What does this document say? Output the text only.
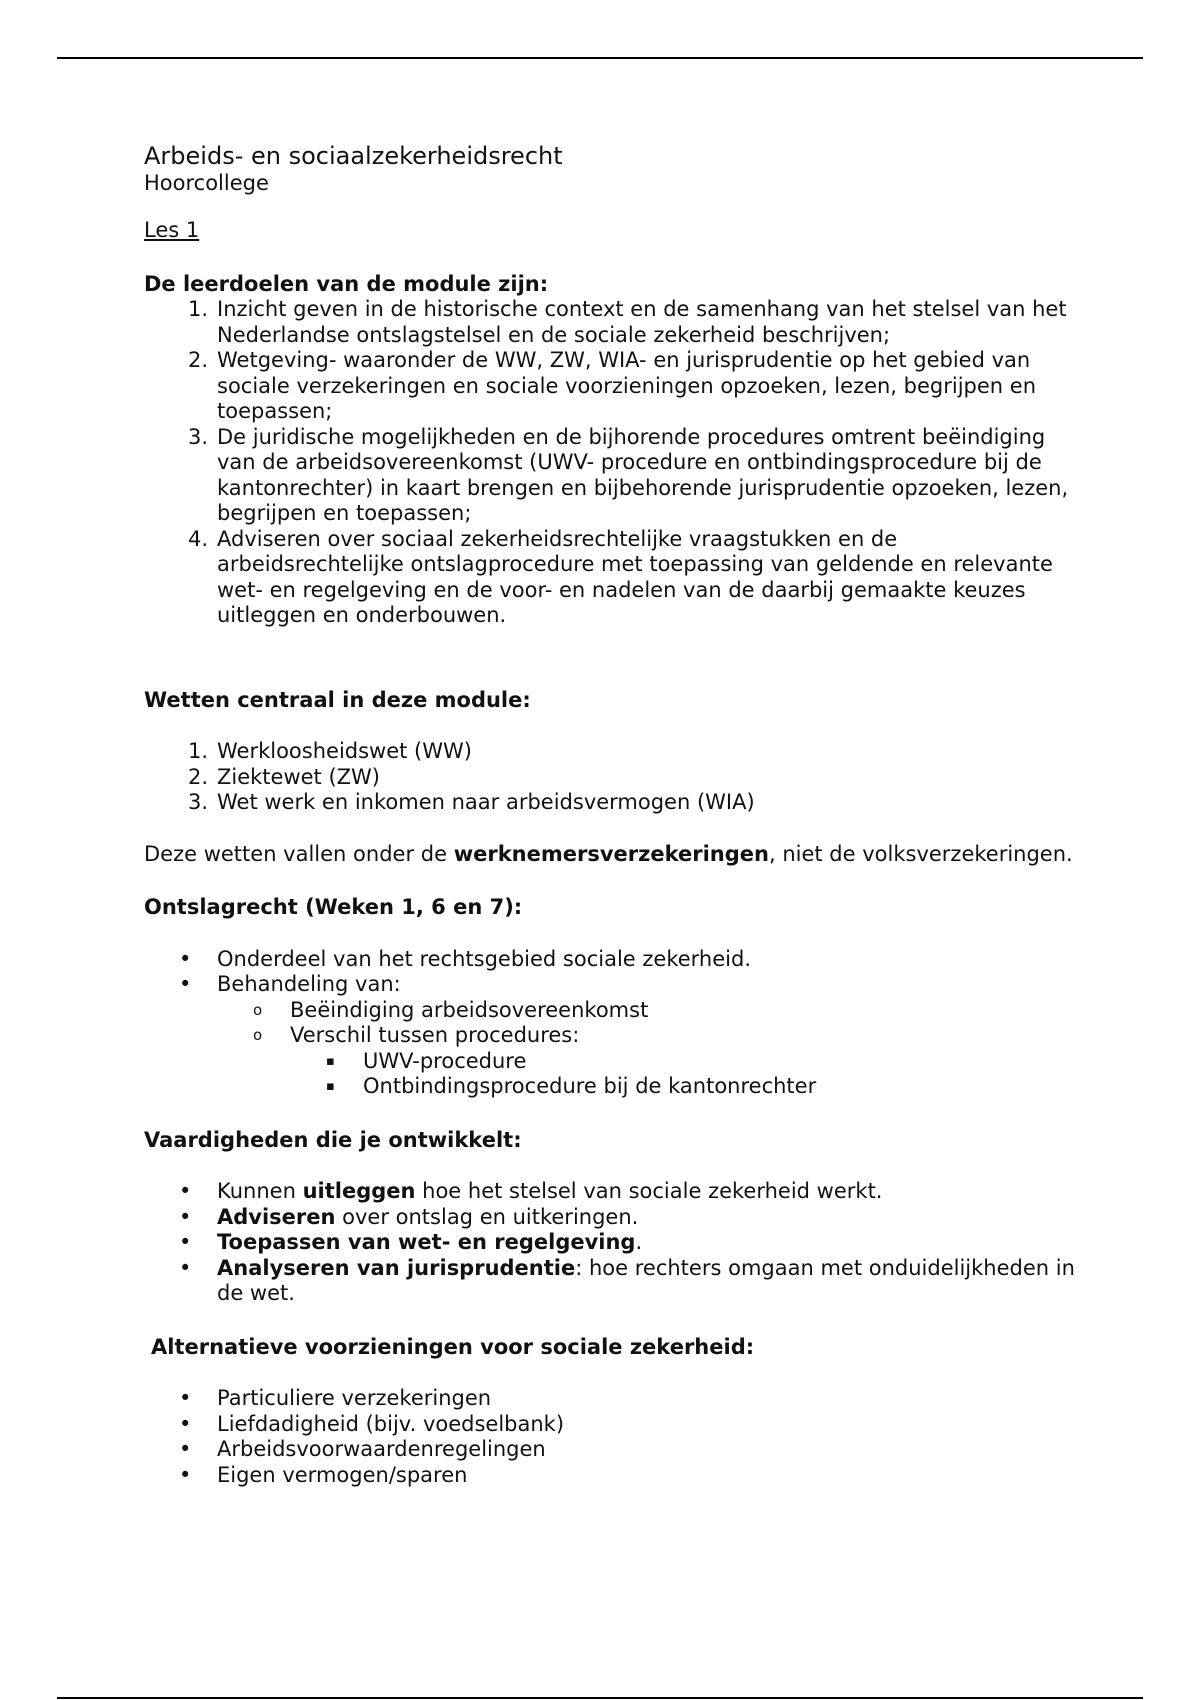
Arbeids- en sociaalzekerheidsrecht
Hoorcollege
Les 1
De leerdoelen van de module zijn:
1. Inzicht geven in de historische context en de samenhang van het stelsel van het Nederlandse ontslagstelsel en de sociale zekerheid beschrijven;
2. Wetgeving- waaronder de WW, ZW, WIA- en jurisprudentie op het gebied van sociale verzekeringen en sociale voorzieningen opzoeken, lezen, begrijpen en toepassen;
3. De juridische mogelijkheden en de bijhorende procedures omtrent beëindiging van de arbeidsovereenkomst (UWV- procedure en ontbindingsprocedure bij de kantonrechter) in kaart brengen en bijbehorende jurisprudentie opzoeken, lezen, begrijpen en toepassen;
4. Adviseren over sociaal zekerheidsrechtelijke vraagstukken en de arbeidsrechtelijke ontslagprocedure met toepassing van geldende en relevante wet- en regelgeving en de voor- en nadelen van de daarbij gemaakte keuzes uitleggen en onderbouwen.
Wetten centraal in deze module:
1. Werkloosheidswet (WW)
2. Ziektewet (ZW)
3. Wet werk en inkomen naar arbeidsvermogen (WIA)

Deze wetten vallen onder de werknemersverzekeringen, niet de volksverzekeringen.

Ontslagrecht (Weken 1, 6 en 7):
• Onderdeel van het rechtsgebied sociale zekerheid.
• Behandeling van:
o Beëindiging arbeidsovereenkomst
o Verschil tussen procedures:
▪ UWV-procedure
▪ Ontbindingsprocedure bij de kantonrechter
Vaardigheden die je ontwikkelt:
• Kunnen uitleggen hoe het stelsel van sociale zekerheid werkt.
• Adviseren over ontslag en uitkeringen.
• Toepassen van wet- en regelgeving.
• Analyseren van jurisprudentie: hoe rechters omgaan met onduidelijkheden in de wet.
Alternatieve voorzieningen voor sociale zekerheid:
• Particuliere verzekeringen
• Liefdadigheid (bijv. voedselbank)
• Arbeidsvoorwaardenregelingen
• Eigen vermogen/sparen
